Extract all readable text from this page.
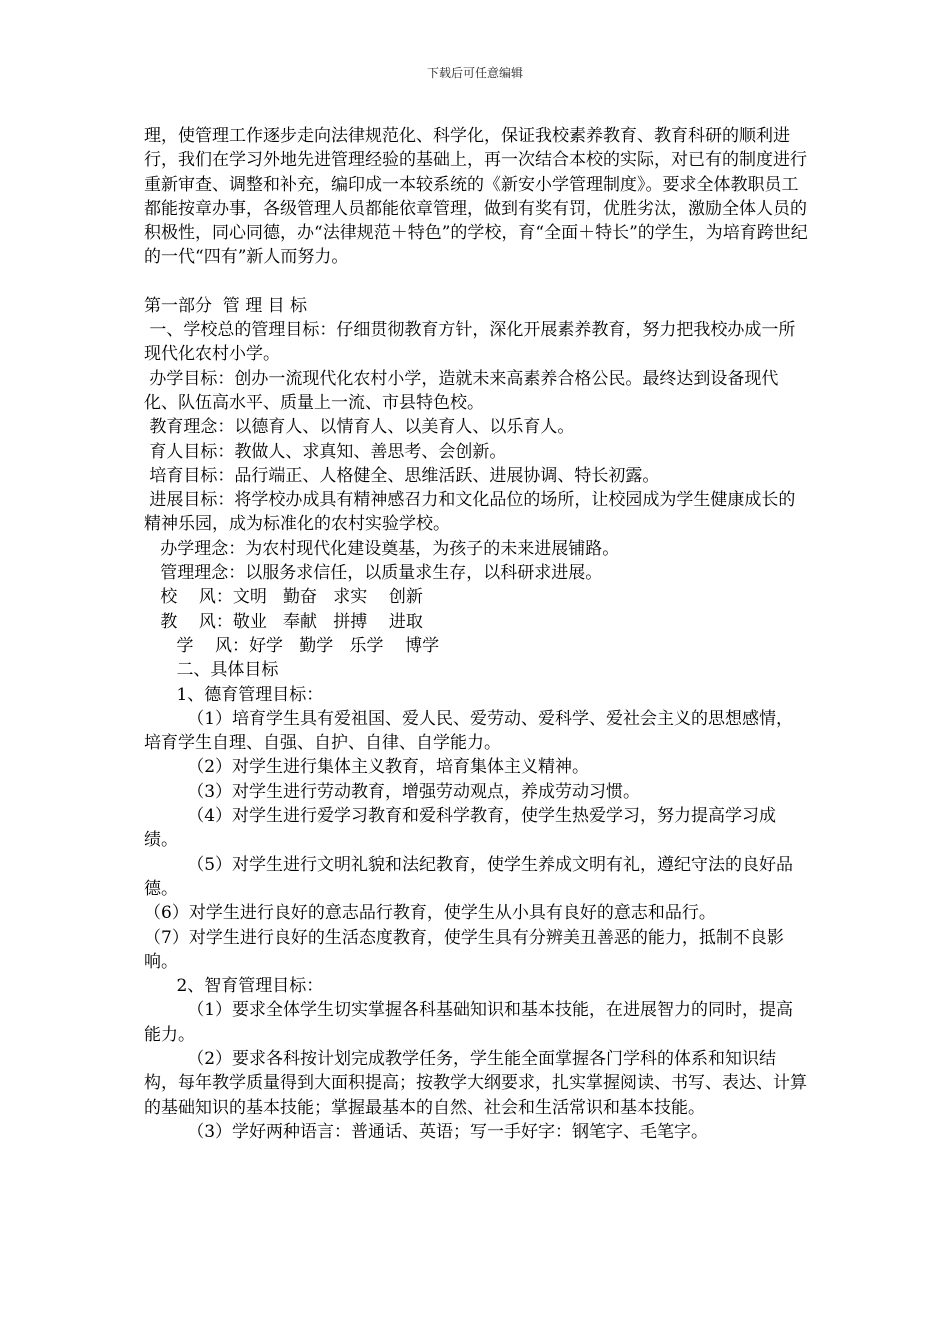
下载后可任意编辑

理，使管理工作逐步走向法律规范化、科学化，保证我校素养教育、教育科研的顺利进行，我们在学习外地先进管理经验的基础上，再一次结合本校的实际，对已有的制度进行重新审查、调整和补充，编印成一本较系统的《新安小学管理制度》。要求全体教职员工都能按章办事，各级管理人员都能依章管理，做到有奖有罚，优胜劣汰，激励全体人员的积极性，同心同德，办“法律规范＋特色”的学校，育“全面＋特长”的学生，为培育跨世纪的一代“四有”新人而努力。

第一部分  管 理 目 标

一、学校总的管理目标：仔细贯彻教育方针，深化开展素养教育，努力把我校办成一所现代化农村小学。

办学目标：创办一流现代化农村小学，造就未来高素养合格公民。最终达到设备现代化、队伍高水平、质量上一流、市县特色校。

教育理念：以德育人、以情育人、以美育人、以乐育人。

育人目标：教做人、求真知、善思考、会创新。

培育目标：品行端正、人格健全、思维活跃、进展协调、特长初露。

进展目标：将学校办成具有精神感召力和文化品位的场所，让校园成为学生健康成长的精神乐园，成为标准化的农村实验学校。

办学理念：为农村现代化建设奠基，为孩子的未来进展铺路。

管理理念：以服务求信任，以质量求生存，以科研求进展。

校    风：文明   勤奋   求实    创新

教    风：敬业   奉献   拼搏    进取

学    风：好学   勤学   乐学    博学

二、具体目标

1、德育管理目标：

（1）培育学生具有爱祖国、爱人民、爱劳动、爱科学、爱社会主义的思想感情，培育学生自理、自强、自护、自律、自学能力。

（2）对学生进行集体主义教育，培育集体主义精神。

（3）对学生进行劳动教育，增强劳动观点，养成劳动习惯。

（4）对学生进行爱学习教育和爱科学教育，使学生热爱学习，努力提高学习成绩。

（5）对学生进行文明礼貌和法纪教育，使学生养成文明有礼，遵纪守法的良好品德。

（6）对学生进行良好的意志品行教育，使学生从小具有良好的意志和品行。

（7）对学生进行良好的生活态度教育，使学生具有分辨美丑善恶的能力，抵制不良影响。

2、智育管理目标：

（1）要求全体学生切实掌握各科基础知识和基本技能，在进展智力的同时，提高能力。

（2）要求各科按计划完成教学任务，学生能全面掌握各门学科的体系和知识结构，每年教学质量得到大面积提高；按教学大纲要求，扎实掌握阅读、书写、表达、计算的基础知识的基本技能；掌握最基本的自然、社会和生活常识和基本技能。

（3）学好两种语言：普通话、英语；写一手好字：钢笔字、毛笔字。
